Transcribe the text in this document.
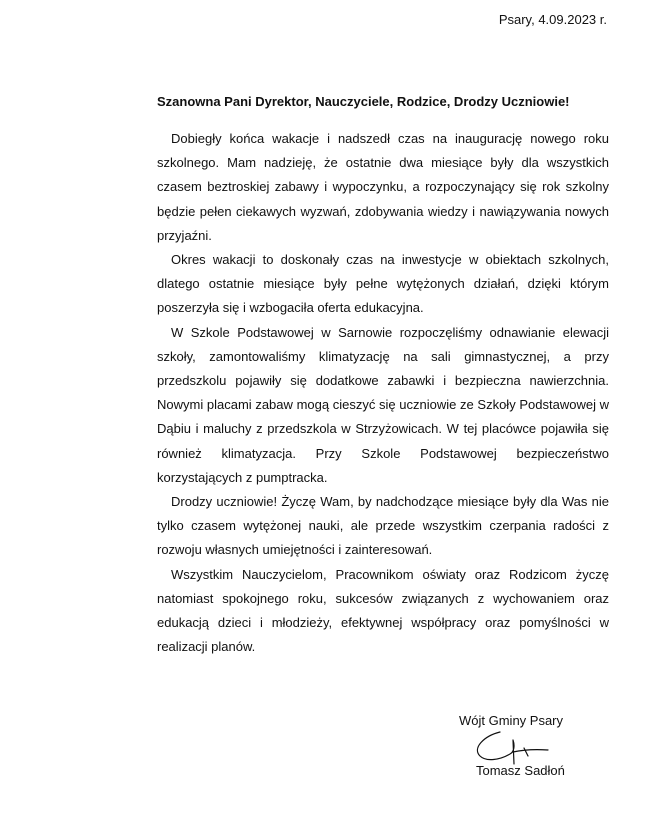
Psary, 4.09.2023 r.
Szanowna Pani Dyrektor, Nauczyciele, Rodzice, Drodzy Uczniowie!

Dobiegły końca wakacje i nadszedł czas na inaugurację nowego roku szkolnego. Mam nadzieję, że ostatnie dwa miesiące były dla wszystkich czasem beztroskiej zabawy i wypoczynku, a rozpoczynający się rok szkolny będzie pełen ciekawych wyzwań, zdobywania wiedzy i nawiązywania nowych przyjaźni.

Okres wakacji to doskonały czas na inwestycje w obiektach szkolnych, dlatego ostatnie miesiące były pełne wytężonych działań, dzięki którym poszerzyła się i wzbogaciła oferta edukacyjna.

W Szkole Podstawowej w Sarnowie rozpoczęliśmy odnawianie elewacji szkoły, zamontowaliśmy klimatyzację na sali gimnastycznej, a przy przedszkolu pojawiły się dodatkowe zabawki i bezpieczna nawierzchnia. Nowymi placami zabaw mogą cieszyć się uczniowie ze Szkoły Podstawowej w Dąbiu i maluchy z przedszkola w Strzyżowicach. W tej placówce pojawiła się również klimatyzacja. Przy Szkole Podstawowej bezpieczeństwo korzystających z pumptracka.

Drodzy uczniowie! Życzę Wam, by nadchodzące miesiące były dla Was nie tylko czasem wytężonej nauki, ale przede wszystkim czerpania radości z rozwoju własnych umiejętności i zainteresowań.

Wszystkim Nauczycielom, Pracownikom oświaty oraz Rodzicom życzę natomiast spokojnego roku, sukcesów związanych z wychowaniem oraz edukacją dzieci i młodzieży, efektywnej współpracy oraz pomyślności w realizacji planów.

Wójt Gminy Psary
Tomasz Sadłoń
